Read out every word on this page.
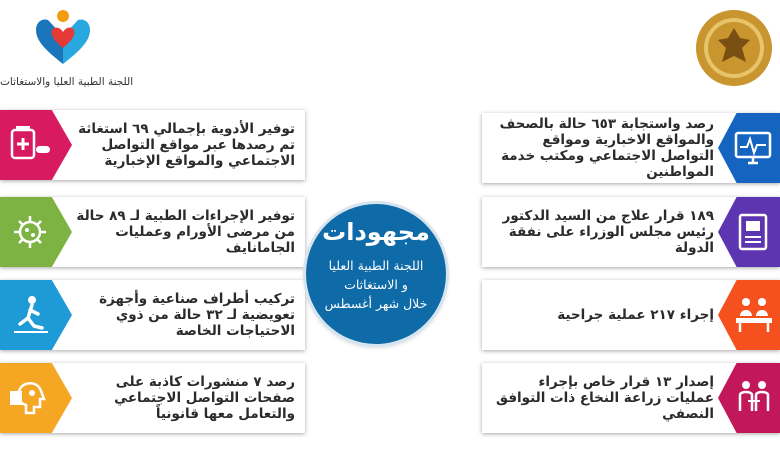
اللجنة الطبية العليا والاستغاثات
توفير الأدوية بإجمالي ٦٩ استغاثة تم رصدها عبر مواقع التواصل الاجتماعي والمواقع الإخبارية
توفير الإجراءات الطبية لـ ٨٩ حالة من مرضى الأورام وعمليات الجامانايف
تركيب أطراف صناعية وأجهزة تعويضية لـ ٣٢ حالة من ذوي الاحتياجات الخاصة
رصد ٧ منشورات كاذبة على صفحات التواصل الاجتماعي والتعامل معها قانونياً
رصد واستجابة ٦٥٣ حالة بالصحف والمواقع الاخبارية ومواقع التواصل الاجتماعي ومكتب خدمة المواطنين
١٨٩ قرار علاج من السيد الدكتور رئيس مجلس الوزراء على نفقة الدولة
إجراء ٢١٧ عملية جراحية
إصدار ١٣ قرار خاص بإجراء عمليات زراعة النخاع ذات التوافق النصفي
مجهودات
اللجنة الطبية العليا
و الاستغاثات
خلال شهر أغسطس
